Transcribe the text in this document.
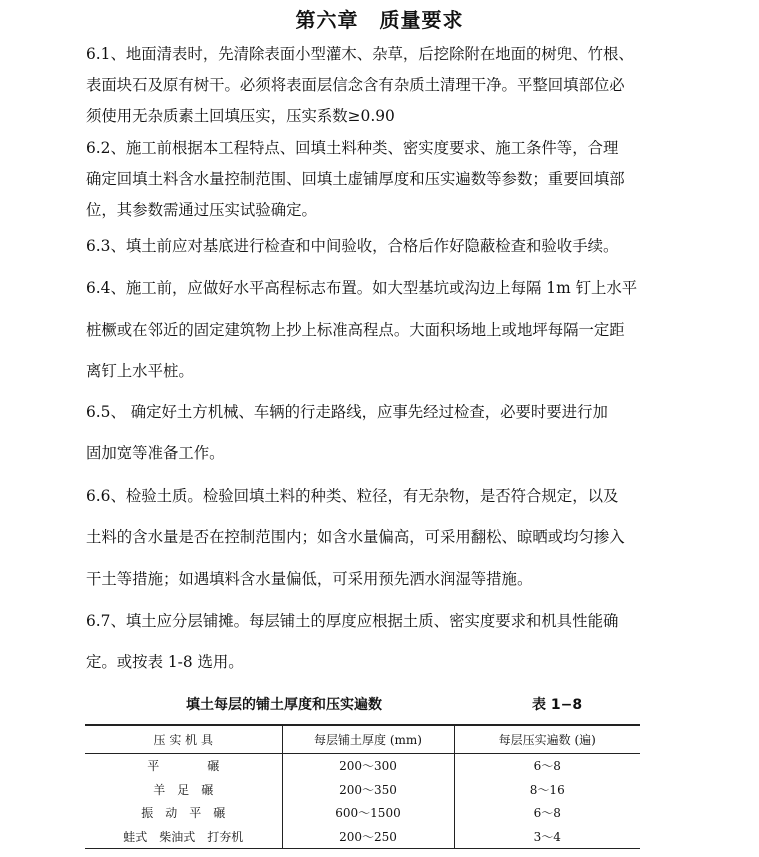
第六章　质量要求
6.1、地面清表时，先清除表面小型灌木、杂草，后挖除附在地面的树兜、竹根、
表面块石及原有树干。必须将表面层信念含有杂质土清理干净。平整回填部位必
须使用无杂质素土回填压实，压实系数≥0.90
6.2、施工前根据本工程特点、回填土料种类、密实度要求、施工条件等，合理
确定回填土料含水量控制范围、回填土虚铺厚度和压实遍数等参数；重要回填部
位，其参数需通过压实试验确定。
6.3、填土前应对基底进行检查和中间验收，合格后作好隐蔽检查和验收手续。
6.4、施工前，应做好水平高程标志布置。如大型基坑或沟边上每隔 1m 钉上水平
桩橛或在邻近的固定建筑物上抄上标准高程点。大面积场地上或地坪每隔一定距
离钉上水平桩。
6.5、 确定好土方机械、车辆的行走路线，应事先经过检查，必要时要进行加
固加宽等准备工作。
6.6、检验土质。检验回填土料的种类、粒径，有无杂物，是否符合规定，以及
土料的含水量是否在控制范围内；如含水量偏高，可采用翻松、晾晒或均匀掺入
干土等措施；如遇填料含水量偏低，可采用预先洒水润湿等措施。
6.7、填土应分层铺摊。每层铺土的厚度应根据土质、密实度要求和机具性能确
定。或按表 1-8 选用。
填土每层的铺土厚度和压实遍数	表 1−8
压 实 机 具	每层铺土厚度 (mm)	每层压实遍数 (遍)
平　　　　碾	200～300	6～8
羊　足　碾	200～350	8～16
振　动　平　碾	600～1500	6～8
蛙式　柴油式　打夯机	200～250	3～4
